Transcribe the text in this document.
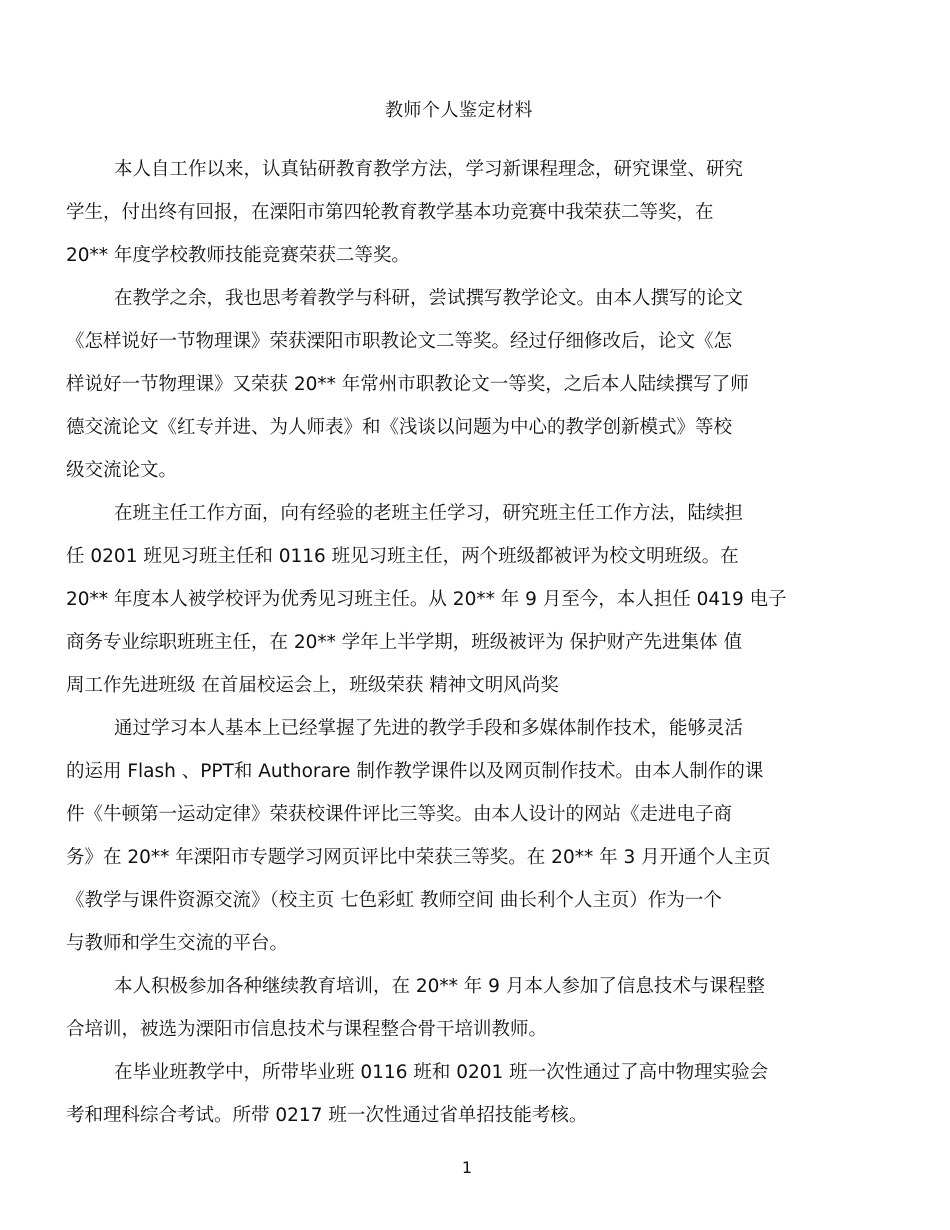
教师个人鉴定材料
本人自工作以来，认真钻研教育教学方法，学习新课程理念，研究课堂、研究
学生，付出终有回报，在溧阳市第四轮教育教学基本功竞赛中我荣获二等奖，在
20** 年度学校教师技能竞赛荣获二等奖。
在教学之余，我也思考着教学与科研，尝试撰写教学论文。由本人撰写的论文
《怎样说好一节物理课》荣获溧阳市职教论文二等奖。经过仔细修改后，论文《怎
样说好一节物理课》又荣获 20** 年常州市职教论文一等奖，之后本人陆续撰写了师
德交流论文《红专并进、为人师表》和《浅谈以问题为中心的教学创新模式》等校
级交流论文。
在班主任工作方面，向有经验的老班主任学习，研究班主任工作方法，陆续担
任 0201 班见习班主任和 0116 班见习班主任，两个班级都被评为校文明班级。在
20** 年度本人被学校评为优秀见习班主任。从 20** 年 9 月至今，本人担任 0419 电子
商务专业综职班班主任，在 20** 学年上半学期，班级被评为 保护财产先进集体 值
周工作先进班级 在首届校运会上，班级荣获 精神文明风尚奖
通过学习本人基本上已经掌握了先进的教学手段和多媒体制作技术，能够灵活
的运用 Flash 、PPT和 Authorare 制作教学课件以及网页制作技术。由本人制作的课
件《牛顿第一运动定律》荣获校课件评比三等奖。由本人设计的网站《走进电子商
务》在 20** 年溧阳市专题学习网页评比中荣获三等奖。在 20** 年 3 月开通个人主页
《教学与课件资源交流》（校主页 七色彩虹 教师空间 曲长利个人主页）作为一个
与教师和学生交流的平台。
本人积极参加各种继续教育培训，在 20** 年 9 月本人参加了信息技术与课程整
合培训，被选为溧阳市信息技术与课程整合骨干培训教师。
在毕业班教学中，所带毕业班 0116 班和 0201 班一次性通过了高中物理实验会
考和理科综合考试。所带 0217 班一次性通过省单招技能考核。
1
